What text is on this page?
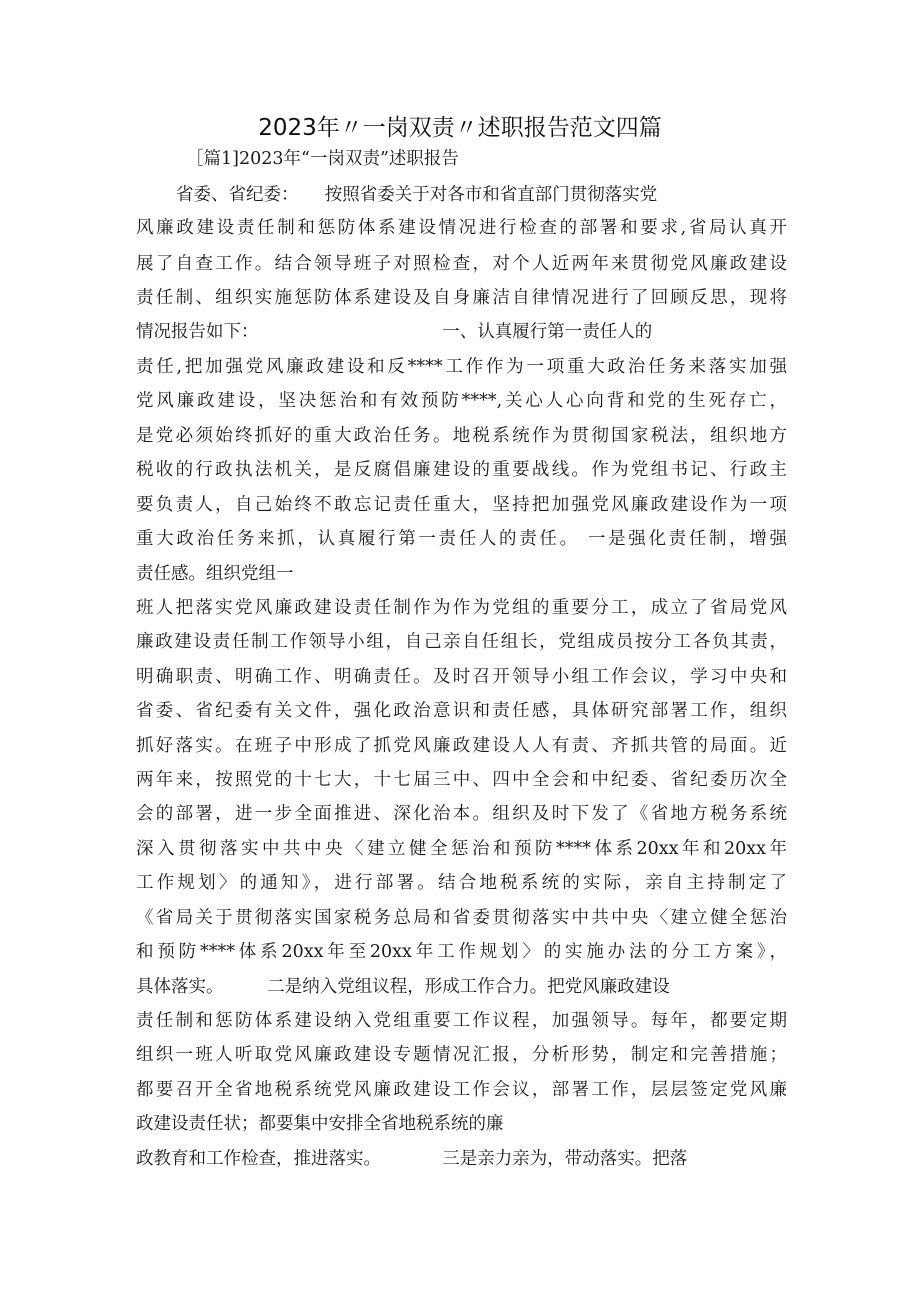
2023年〃一岗双责〃述职报告范文四篇
［篇1]2023年“一岗双责”述职报告
省委、省纪委：　　按照省委关于对各市和省直部门贯彻落实党
风廉政建设责任制和惩防体系建设情况进行检查的部署和要求,省局认真开
展了自查工作。结合领导班子对照检查，对个人近两年来贯彻党风廉政建设
责任制、组织实施惩防体系建设及自身廉洁自律情况进行了回顾反思，现将
情况报告如下：　　　　　　　　　　　一、认真履行第一责任人的
责任,把加强党风廉政建设和反****工作作为一项重大政治任务来落实加强
党风廉政建设，坚决惩治和有效预防****,关心人心向背和党的生死存亡，
是党必须始终抓好的重大政治任务。地税系统作为贯彻国家税法，组织地方
税收的行政执法机关，是反腐倡廉建设的重要战线。作为党组书记、行政主
要负责人，自己始终不敢忘记责任重大，坚持把加强党风廉政建设作为一项
重大政治任务来抓，认真履行第一责任人的责任。 一是强化责任制，增强
责任感。组织党组一
班人把落实党风廉政建设责任制作为作为党组的重要分工，成立了省局党风
廉政建设责任制工作领导小组，自己亲自任组长，党组成员按分工各负其责，
明确职责、明确工作、明确责任。及时召开领导小组工作会议，学习中央和
省委、省纪委有关文件，强化政治意识和责任感，具体研究部署工作，组织
抓好落实。在班子中形成了抓党风廉政建设人人有责、齐抓共管的局面。近
两年来，按照党的十七大，十七届三中、四中全会和中纪委、省纪委历次全
会的部署，进一步全面推进、深化治本。组织及时下发了《省地方税务系统
深入贯彻落实中共中央〈建立健全惩治和预防****体系20xx年和20xx年
工作规划〉的通知》，进行部署。结合地税系统的实际，亲自主持制定了
《省局关于贯彻落实国家税务总局和省委贯彻落实中共中央〈建立健全惩治
和预防****体系20xx年至20xx年工作规划〉的实施办法的分工方案》，
具体落实。　　　二是纳入党组议程，形成工作合力。把党风廉政建设
责任制和惩防体系建设纳入党组重要工作议程，加强领导。每年，都要定期
组织一班人听取党风廉政建设专题情况汇报，分析形势，制定和完善措施；
都要召开全省地税系统党风廉政建设工作会议，部署工作，层层签定党风廉
政建设责任状；都要集中安排全省地税系统的廉
政教育和工作检查，推进落实。　　　　三是亲力亲为，带动落实。把落
